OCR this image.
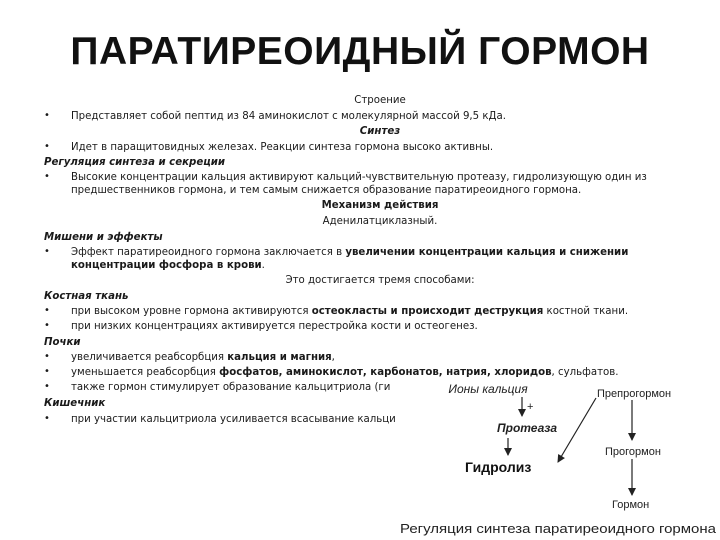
ПАРАТИРЕОИДНЫЙ ГОРМОН
Строение
• Представляет собой пептид из 84 аминокислот с молекулярной массой 9,5 кДа.
Синтез
• Идет в паращитовидных железах. Реакции синтеза гормона высоко активны.
Регуляция синтеза и секреции
• Высокие концентрации кальция активируют кальций-чувствительную протеазу, гидролизующую один из
предшественников гормона, и тем самым снижается образование паратиреоидного гормона.
Механизм действия
Аденилатциклазный.
Мишени и эффекты
• Эффект паратиреоидного гормона заключается в увеличении концентрации кальция и снижении
концентрации фосфора в крови.
Это достигается тремя способами:
Костная ткань
• при высоком уровне гормона активируются остеокласты и происходит деструкция костной ткани.
• при низких концентрациях активируется перестройка кости и остеогенез.
Почки
• увеличивается реабсорбция кальция и магния,
• уменьшается реабсорбция фосфатов, аминокислот, карбонатов, натрия, хлоридов, сульфатов.
• также гормон стимулирует образование кальцитриола (ги
Кишечник
• при участии кальцитриола усиливается всасывание кальци
Ионы кальция
+
Протеаза
Гидролиз
Препрогормон
Прогормон
Гормон
Регуляция синтеза паратиреоидного гормона
